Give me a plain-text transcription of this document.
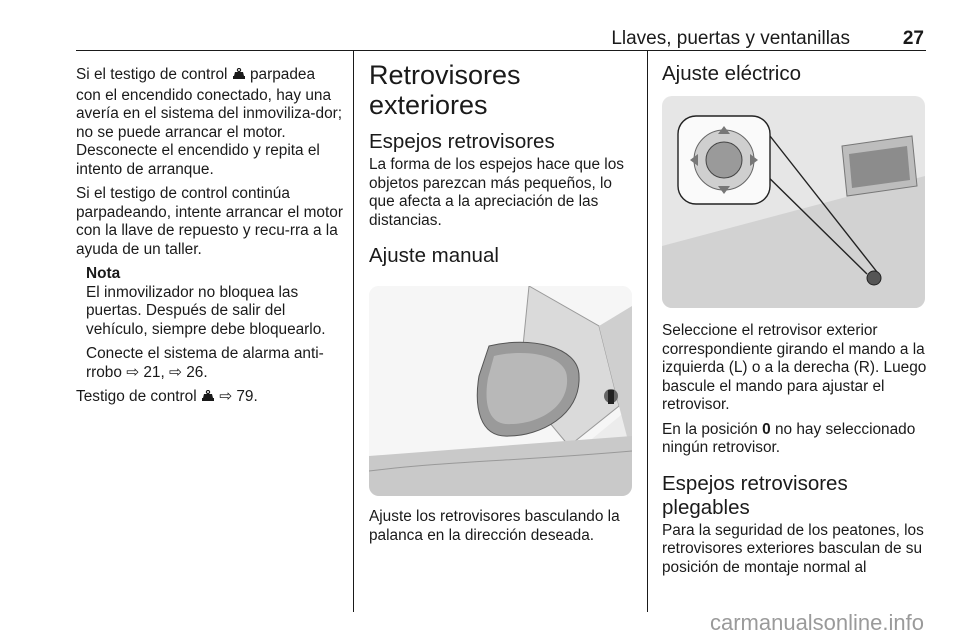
Llaves, puertas y ventanillas	27

Si el testigo de control parpadea con el encendido conectado, hay una avería en el sistema del inmoviliza-dor; no se puede arrancar el motor. Desconecte el encendido y repita el intento de arranque.

Si el testigo de control continúa parpadeando, intente arrancar el motor con la llave de repuesto y recu-rra a la ayuda de un taller.

Nota

El inmovilizador no bloquea las puertas. Después de salir del vehículo, siempre debe bloquearlo.

Conecte el sistema de alarma anti-rrobo ⇨ 21, ⇨ 26.

Testigo de control ⇨ 79.

Retrovisores exteriores
Espejos retrovisores

La forma de los espejos hace que los objetos parezcan más pequeños, lo que afecta a la apreciación de las distancias.

Ajuste manual

Ajuste los retrovisores basculando la palanca en la dirección deseada.

Ajuste eléctrico

Seleccione el retrovisor exterior correspondiente girando el mando a la izquierda (L) o a la derecha (R). Luego bascule el mando para ajustar el retrovisor.

En la posición 0 no hay seleccionado ningún retrovisor.

Espejos retrovisores plegables

Para la seguridad de los peatones, los retrovisores exteriores basculan de su posición de montaje normal al

carmanualsonline.info
